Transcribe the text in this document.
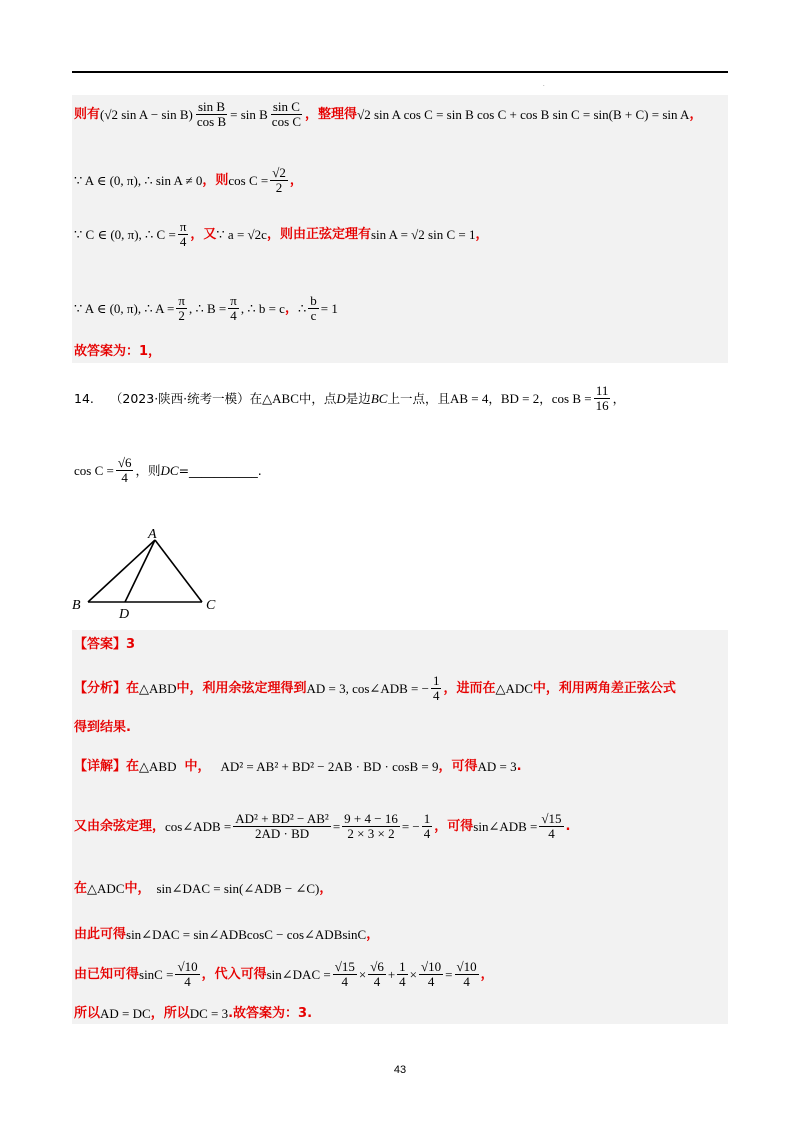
.
则有 (√2 $\sin A - \sin B) \frac{\text{sin B}}{\text{cos B}} = \sin B \frac{\text{sin C}}{\text{cos C}}$ ，整理得 √2 sin A cos C = sin B cos C + cos B sin C = sin(B + C) = sin A ，
∵ A ∈ (0, π), ∴ sin A ≠ 0 ，则 $\cos C = \frac{√2}{2}$ ，
∵ C ∈ (0, π), ∴ $C = \frac{\pi}{4}$ ，又 ∵ a = √2c ，则由正弦定理有 sin A = √2 sin C = 1 ，
∵ A ∈ (0, π), ∴ $A = \frac{\pi}{2}$ , ∴ $B = \frac{\pi}{4}$ , ∴ b = c ， ∴ $\frac{b}{c} = 1$
故答案为：1，
14. （2023·陕西·统考一模）在 △ABC 中，点 D 是边 BC 上一点，且 AB = 4 ， BD = 2 ， $\cos B = \frac{11}{16}$ ，
$\cos C = \frac{√6}{4}$ ，则 DC =___________.
A
B
D
C
【答案】3
【分析】在 △ABD 中，利用余弦定理得到 AD = 3, cos∠ADB = − $\frac{1}{4}$ ，进而在 △ADC 中，利用两角差正弦公式
得到结果.
【详解】在 △ABD 中， AD² = AB² + BD² − 2AB · BD · cosB = 9 ，可得 AD = 3 .
又由余弦定理， cos∠ADB = $\frac{\text{AD² + BD² − AB²}}{2AD \cdot BD} = \frac{9 + 4 - 16}{2 \times 3 \times 2}$ = − $\frac{1}{4}$ ，可得 sin∠ADB = $\frac{√15}{4}$ .
在 △ADC 中， sin∠DAC = sin(∠ADB − ∠C) ，
由此可得 sin∠DAC = sin∠ADBcosC − cos∠ADBsinC ，
由已知可得 $\sin C = \frac{√10}{4}$ ，代入可得 sin∠DAC = $\frac{√15}{4} \times \frac{√6}{4} + \frac{1}{4} \times \frac{√10}{4} = \frac{√10}{4}$ ，
所以 AD = DC ，所以 DC = 3 .故答案为：3.
43
